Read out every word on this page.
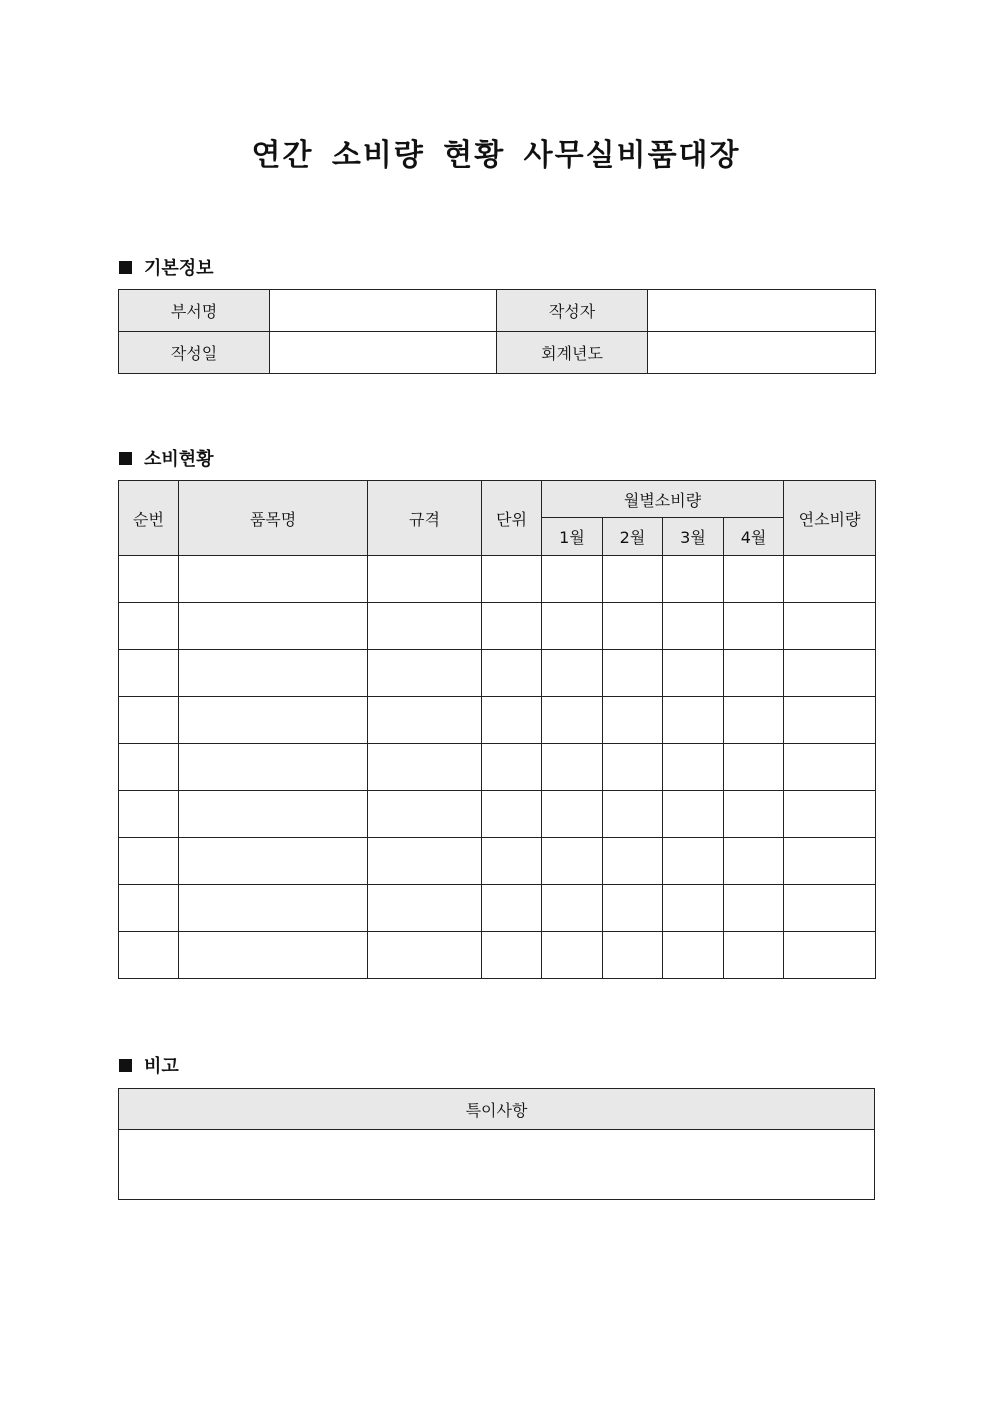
연간 소비량 현황 사무실비품대장
기본정보
부서명		작성자	
작성일		회계년도	
소비현황
순번	품목명	규격	단위	월별소비량				연소비량
				1월	2월	3월	4월	

비고
특이사항
